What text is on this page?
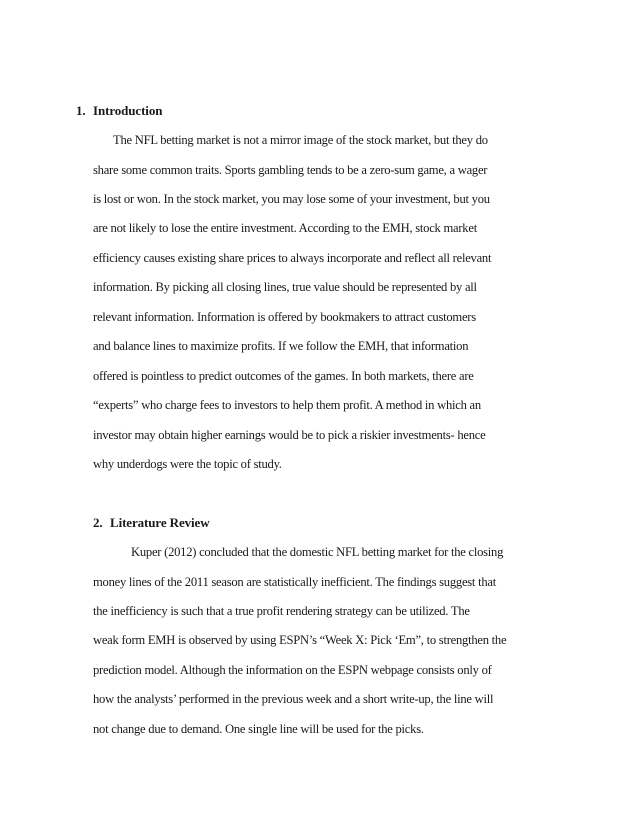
1. Introduction
The NFL betting market is not a mirror image of the stock market, but they do
share some common traits. Sports gambling tends to be a zero-sum game, a wager
is lost or won. In the stock market, you may lose some of your investment, but you
are not likely to lose the entire investment. According to the EMH, stock market
efficiency causes existing share prices to always incorporate and reflect all relevant
information. By picking all closing lines, true value should be represented by all
relevant information. Information is offered by bookmakers to attract customers
and balance lines to maximize profits. If we follow the EMH, that information
offered is pointless to predict outcomes of the games. In both markets, there are
“experts” who charge fees to investors to help them profit. A method in which an
investor may obtain higher earnings would be to pick a riskier investments- hence
why underdogs were the topic of study.
2. Literature Review
Kuper (2012) concluded that the domestic NFL betting market for the closing
money lines of the 2011 season are statistically inefficient. The findings suggest that
the inefficiency is such that a true profit rendering strategy can be utilized. The
weak form EMH is observed by using ESPN’s “Week X: Pick ‘Em”, to strengthen the
prediction model. Although the information on the ESPN webpage consists only of
how the analysts’ performed in the previous week and a short write-up, the line will
not change due to demand. One single line will be used for the picks.
